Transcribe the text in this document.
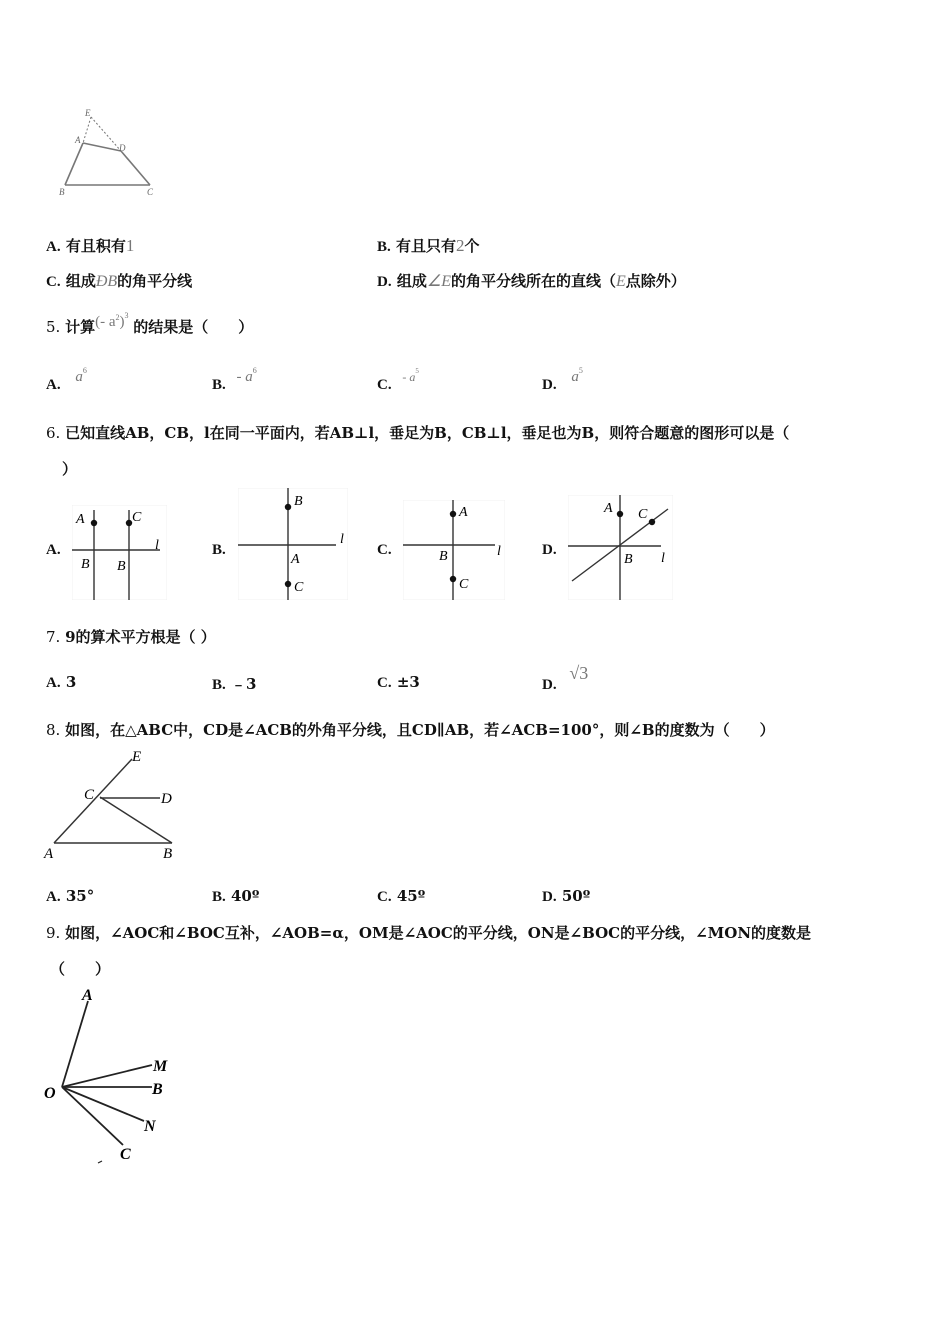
E
A
D
B	C
A. 有且积有1	B. 有且只有2个
C. 组成ÐB的角平分线	D. 组成∠E的角平分线所在的直线（E点除外）
5. 计算(- $a^2)^3$ 的结果是（　　）
A. $a^6$
B. - $a^6$
C. - $^{a5}$
D. $a^5$
6. 已知直线AB，CB，l在同一平面内，若AB⊥l，垂足为B，CB⊥l，垂足也为B，则符合题意的图形可以是（
）
A.
A	C
B B
l	B.
B
A
C
l
C.
A
B
C
l	D.
A C
B l
7. 9的算术平方根是（ ）
A. 3	B. ﹣3	C. ±3	D. √3
8. 如图，在△ABC中，CD是∠ACB的外角平分线，且CD∥AB，若∠ACB=100°，则∠B的度数为（　　）
E
C	D
A	B
A. 35°	B. 40º	C. 45º	D. 50º
9. 如图，∠AOC和∠BOC互补，∠AOB=α，OM是∠AOC的平分线，ON是∠BOC的平分线，∠MON的度数是
（　　）
A
M
B
O
N
C
